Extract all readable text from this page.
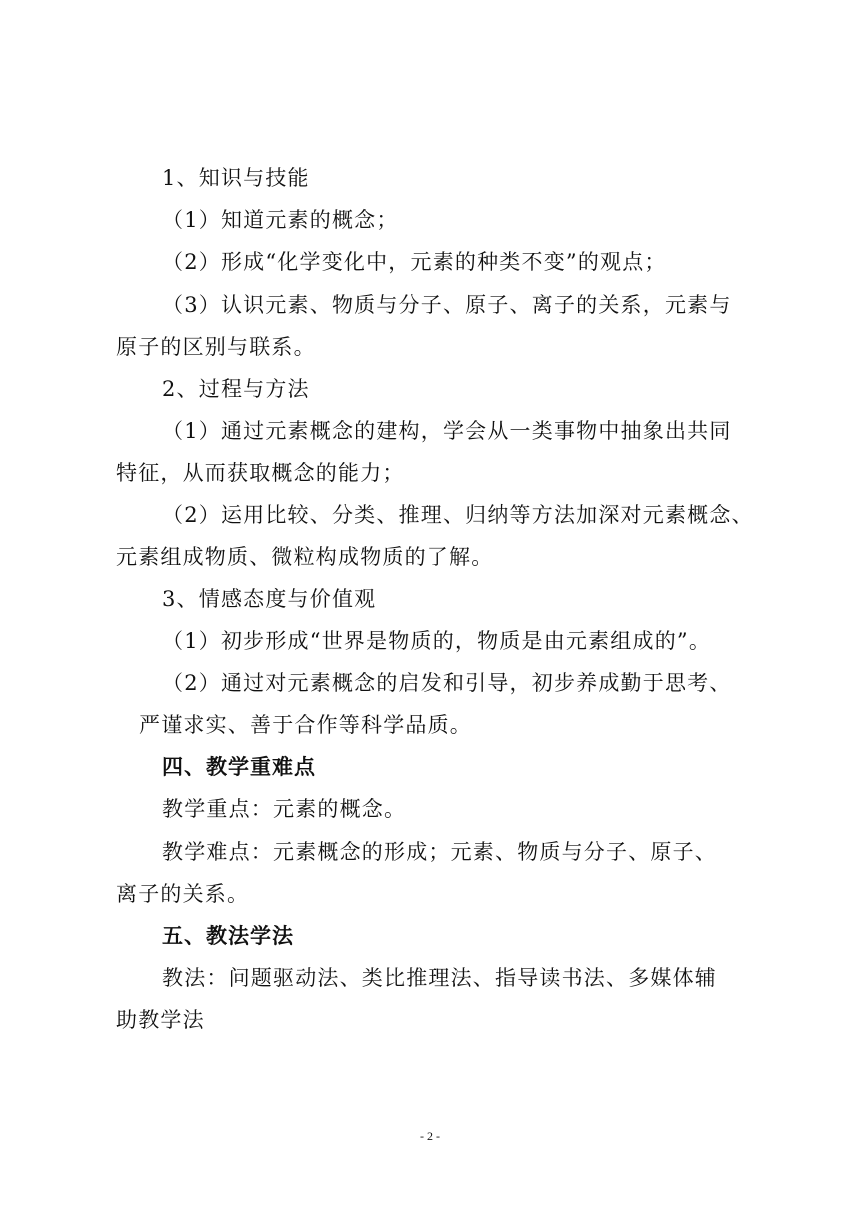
1、知识与技能
（1）知道元素的概念；
（2）形成“化学变化中，元素的种类不变”的观点；
（3）认识元素、物质与分子、原子、离子的关系，元素与
原子的区别与联系。
2、过程与方法
（1）通过元素概念的建构，学会从一类事物中抽象出共同
特征，从而获取概念的能力；
（2）运用比较、分类、推理、归纳等方法加深对元素概念、
元素组成物质、微粒构成物质的了解。
3、情感态度与价值观
（1）初步形成“世界是物质的，物质是由元素组成的”。
（2）通过对元素概念的启发和引导，初步养成勤于思考、
严谨求实、善于合作等科学品质。
四、教学重难点
教学重点：元素的概念。
教学难点：元素概念的形成；元素、物质与分子、原子、
离子的关系。
五、教法学法
教法：问题驱动法、类比推理法、指导读书法、多媒体辅
助教学法
- 2 -
